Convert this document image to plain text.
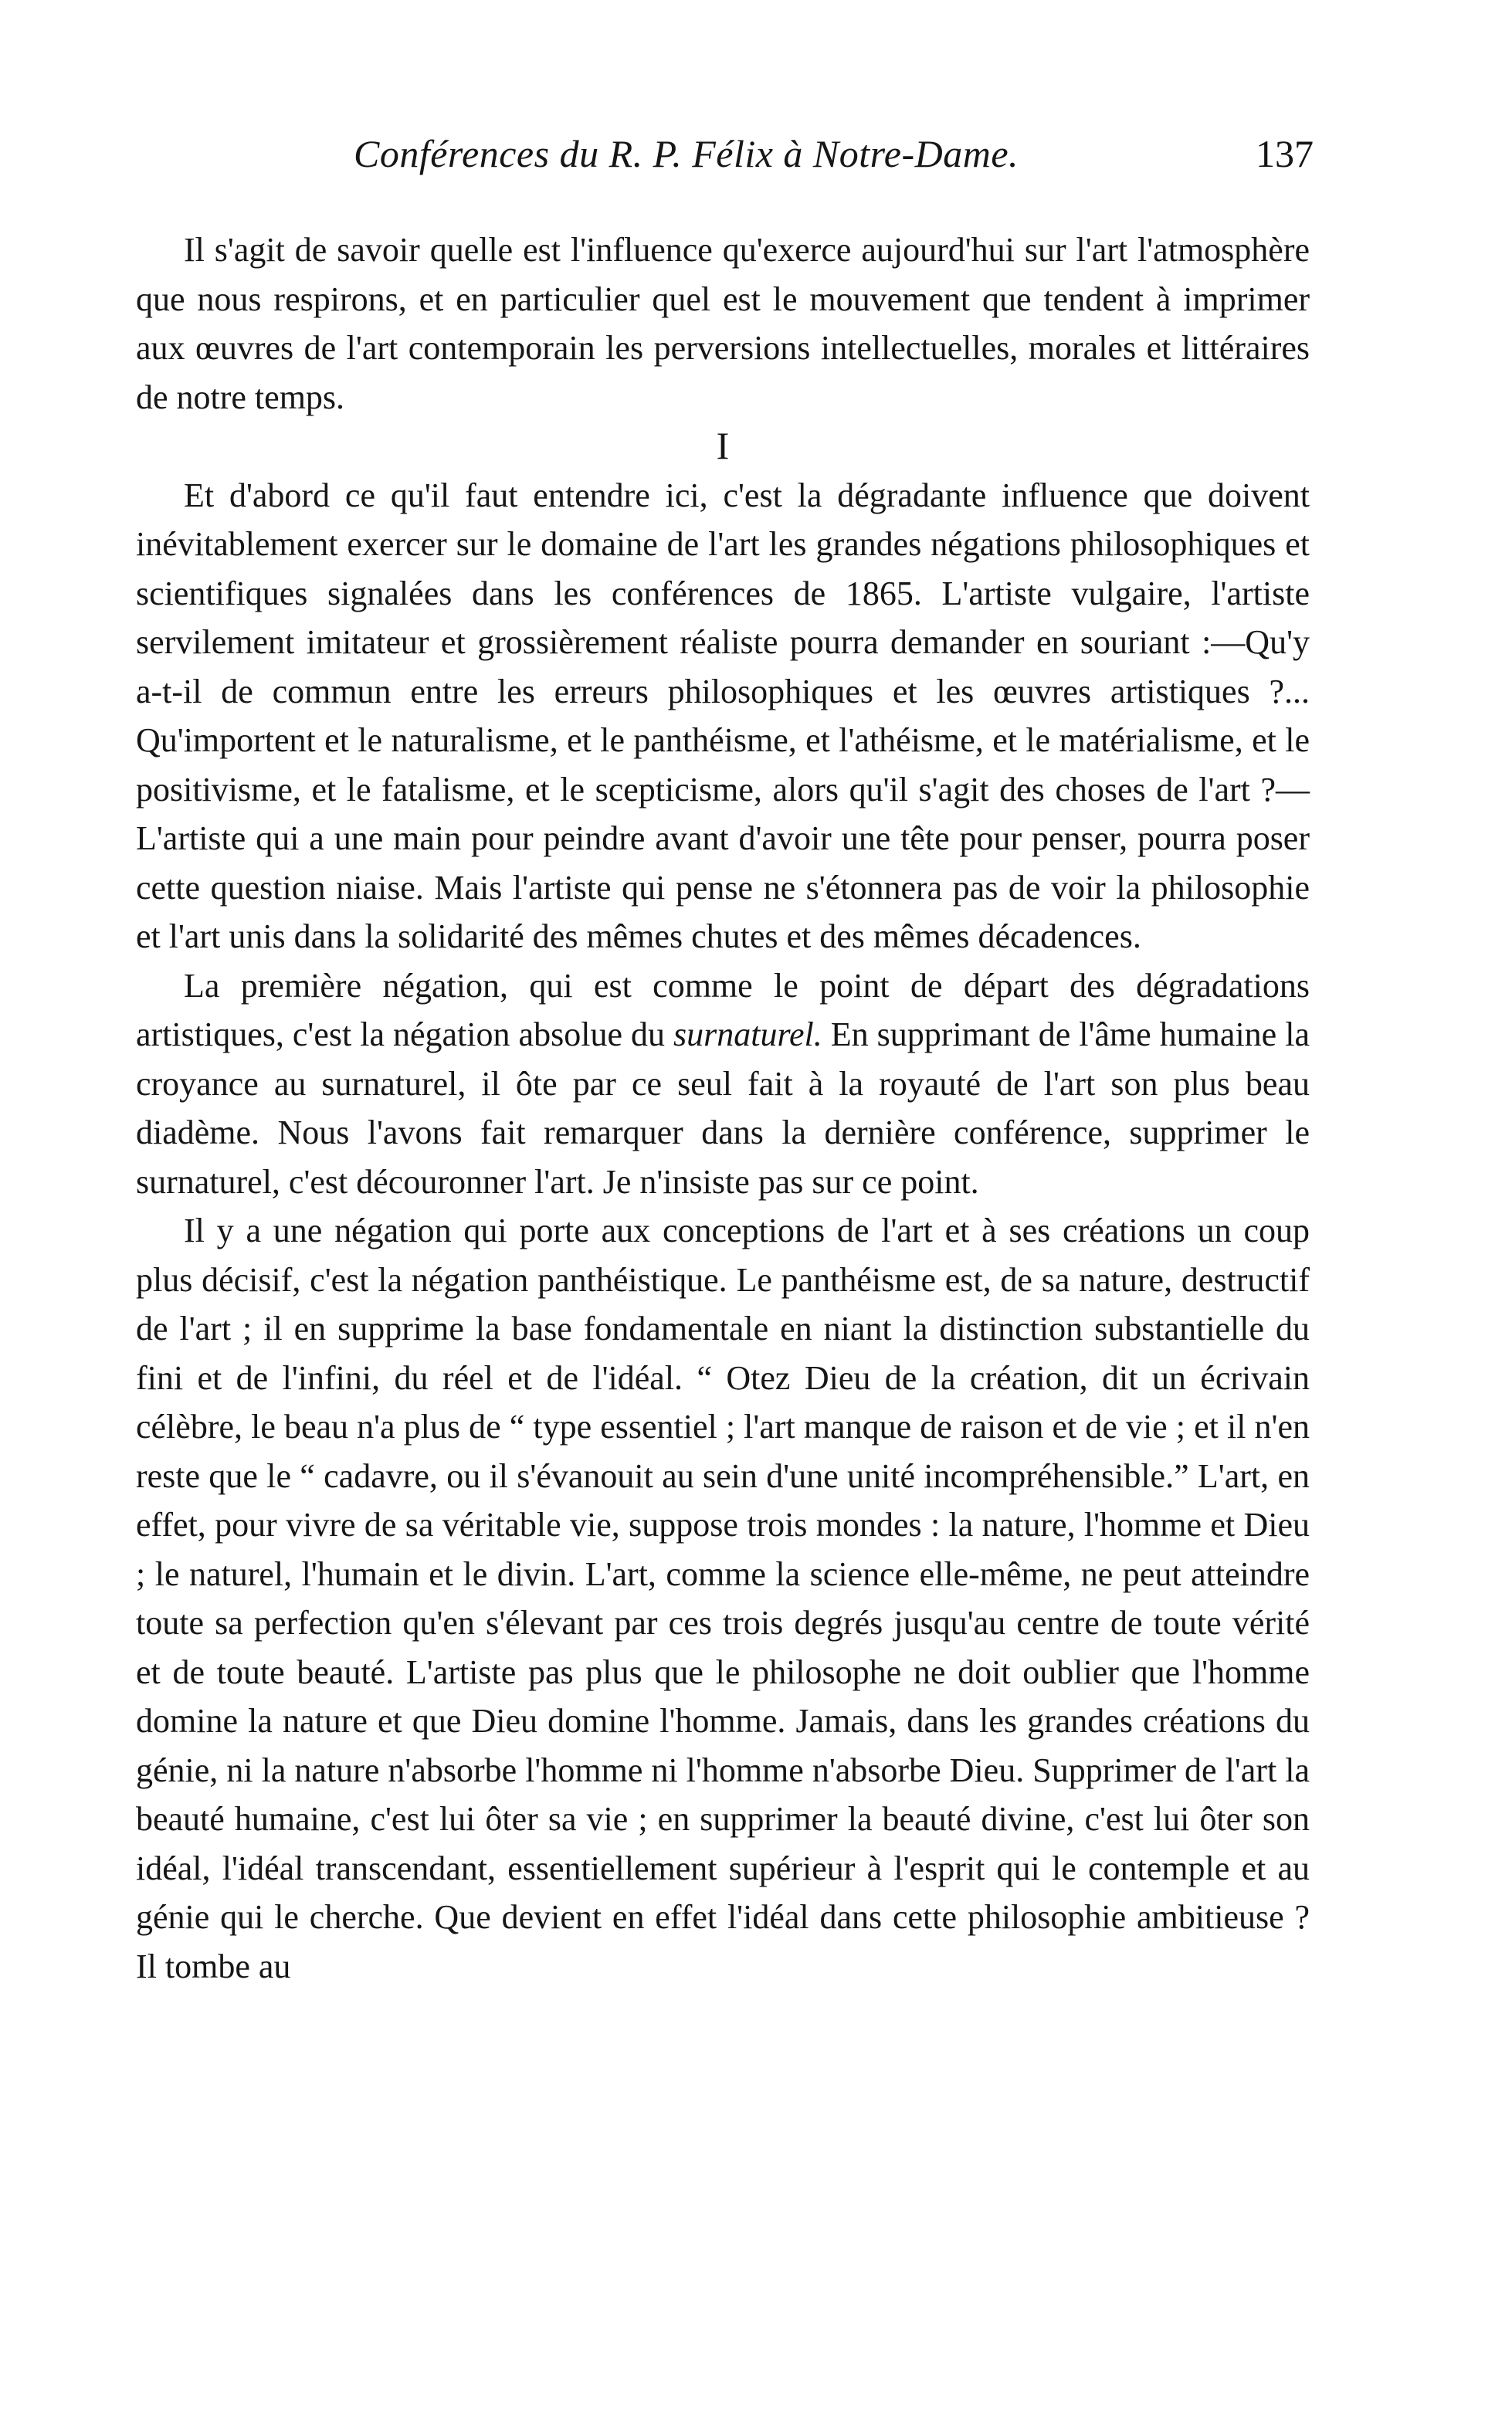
Conférences du R. P. Félix à Notre-Dame.	137

Il s'agit de savoir quelle est l'influence qu'exerce aujourd'hui sur l'art l'atmosphère que nous respirons, et en particulier quel est le mouvement que tendent à imprimer aux œuvres de l'art contemporain les perversions intellectuelles, morales et littéraires de notre temps.

I

Et d'abord ce qu'il faut entendre ici, c'est la dégradante influence que doivent inévitablement exercer sur le domaine de l'art les grandes négations philosophiques et scientifiques signalées dans les conférences de 1865. L'artiste vulgaire, l'artiste servilement imitateur et grossièrement réaliste pourra demander en souriant :—Qu'y a-t-il de commun entre les erreurs philosophiques et les œuvres artistiques ?... Qu'importent et le naturalisme, et le panthéisme, et l'athéisme, et le matérialisme, et le positivisme, et le fatalisme, et le scepticisme, alors qu'il s'agit des choses de l'art ?—L'artiste qui a une main pour peindre avant d'avoir une tête pour penser, pourra poser cette question niaise. Mais l'artiste qui pense ne s'étonnera pas de voir la philosophie et l'art unis dans la solidarité des mêmes chutes et des mêmes décadences.

La première négation, qui est comme le point de départ des dégradations artistiques, c'est la négation absolue du surnaturel. En supprimant de l'âme humaine la croyance au surnaturel, il ôte par ce seul fait à la royauté de l'art son plus beau diadème. Nous l'avons fait remarquer dans la dernière conférence, supprimer le surnaturel, c'est découronner l'art. Je n'insiste pas sur ce point.

Il y a une négation qui porte aux conceptions de l'art et à ses créations un coup plus décisif, c'est la négation panthéistique. Le panthéisme est, de sa nature, destructif de l'art ; il en supprime la base fondamentale en niant la distinction substantielle du fini et de l'infini, du réel et de l'idéal. “ Otez Dieu de la création, dit un écrivain célèbre, le beau n'a plus de “ type essentiel ; l'art manque de raison et de vie ; et il n'en reste que le “ cadavre, ou il s'évanouit au sein d'une unité incompréhensible.” L'art, en effet, pour vivre de sa véritable vie, suppose trois mondes : la nature, l'homme et Dieu ; le naturel, l'humain et le divin. L'art, comme la science elle-même, ne peut atteindre toute sa perfection qu'en s'élevant par ces trois degrés jusqu'au centre de toute vérité et de toute beauté. L'artiste pas plus que le philosophe ne doit oublier que l'homme domine la nature et que Dieu domine l'homme. Jamais, dans les grandes créations du génie, ni la nature n'absorbe l'homme ni l'homme n'absorbe Dieu. Supprimer de l'art la beauté humaine, c'est lui ôter sa vie ; en supprimer la beauté divine, c'est lui ôter son idéal, l'idéal transcendant, essentiellement supérieur à l'esprit qui le contemple et au génie qui le cherche. Que devient en effet l'idéal dans cette philosophie ambitieuse ? Il tombe au
